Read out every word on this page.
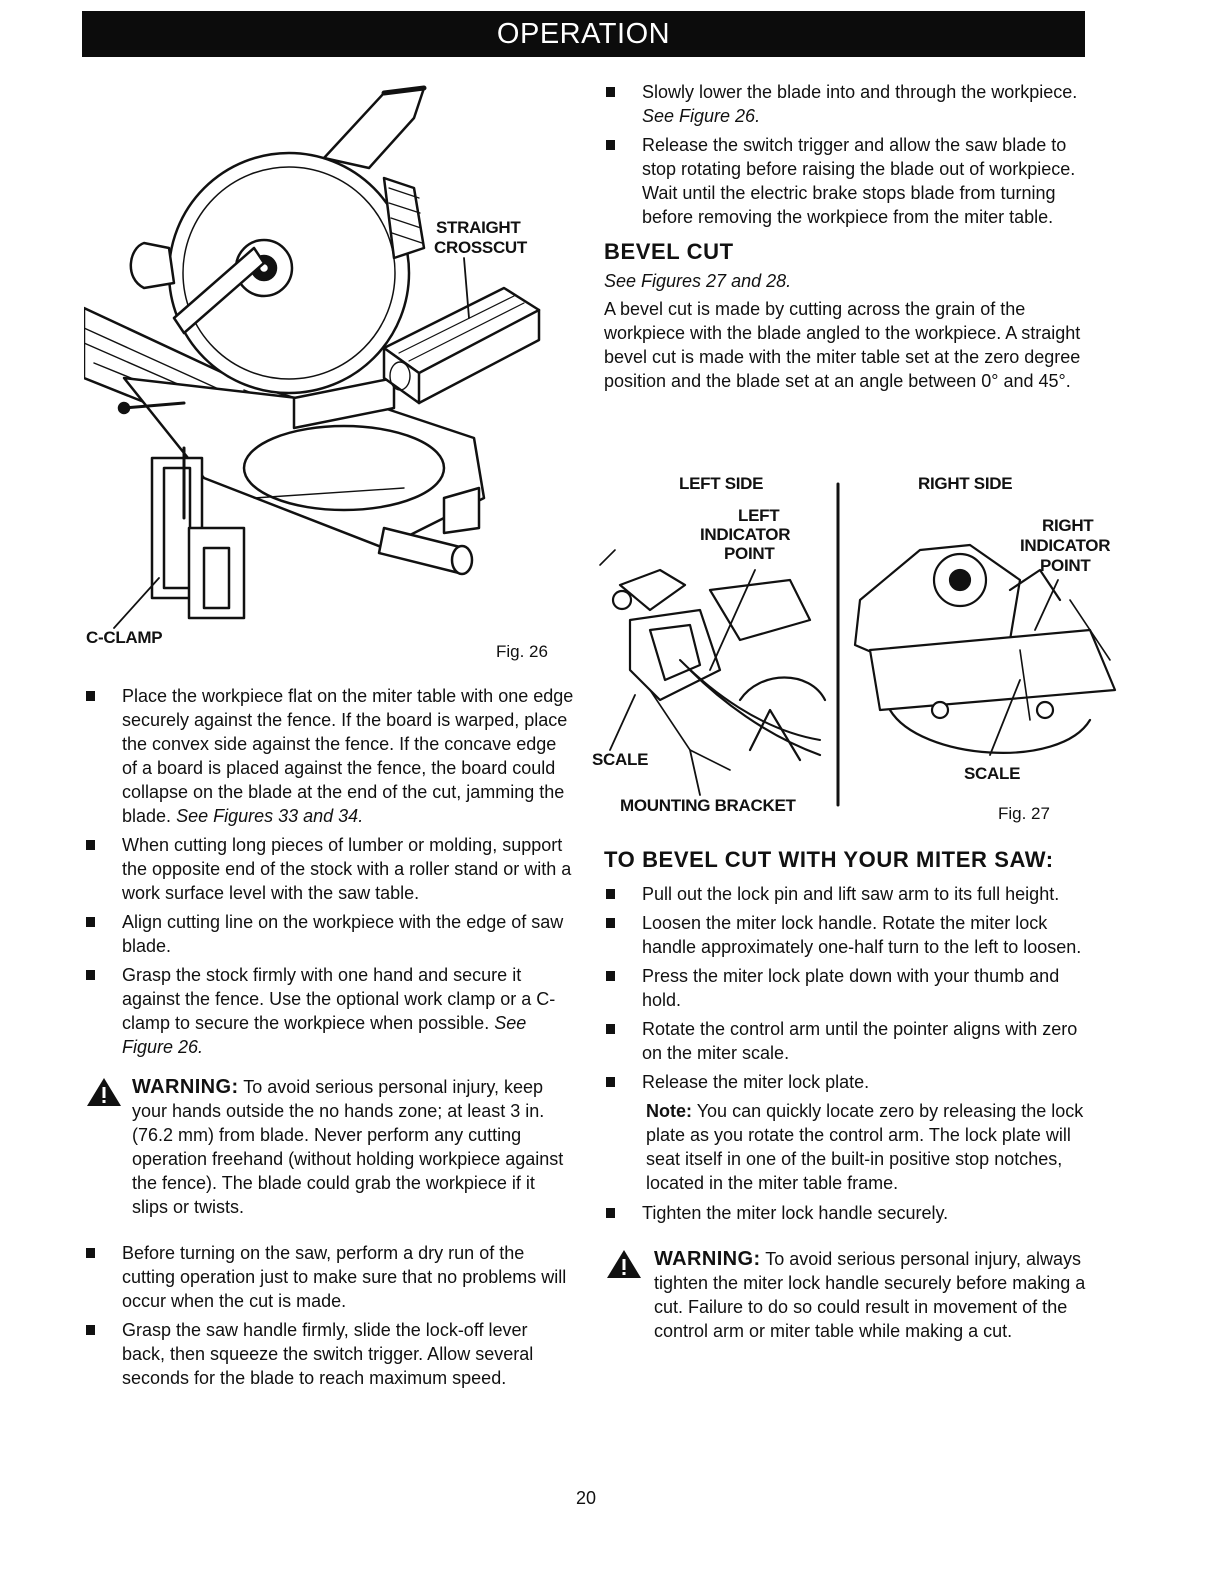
OPERATION
STRAIGHT
CROSSCUT
C-CLAMP
Fig. 26
Place the workpiece flat on the miter table with one edge securely against the fence. If the board is warped, place the convex side against the fence. If the concave edge of a board is placed against the fence, the board could collapse on the blade at the end of the cut, jamming the blade. See Figures 33 and 34.
When cutting long pieces of lumber or molding, support the opposite end of the stock with a roller stand or with a work surface level with the saw table.
Align cutting line on the workpiece with the edge of saw blade.
Grasp the stock firmly with one hand and secure it against the fence. Use the optional work clamp or a C-clamp to secure the workpiece when possible. See Figure 26.
WARNING: To avoid serious personal injury, keep your hands outside the no hands zone; at least 3 in. (76.2 mm) from blade. Never perform any cutting operation freehand (without holding workpiece against the fence). The blade could grab the workpiece if it slips or twists.
Before turning on the saw, perform a dry run of the cutting operation just to make sure that no problems will occur when the cut is made.
Grasp the saw handle firmly, slide the lock-off lever back, then squeeze the switch trigger. Allow several seconds for the blade to reach maximum speed.
Slowly lower the blade into and through the workpiece. See Figure 26.
Release the switch trigger and allow the saw blade to stop rotating before raising the blade out of workpiece. Wait until the electric brake stops blade from turning before removing the workpiece from the miter table.
BEVEL CUT

See Figures 27 and 28.

A bevel cut is made by cutting across the grain of the workpiece with the blade angled to the workpiece. A straight bevel cut is made with the miter table set at the zero degree position and the blade set at an angle between 0° and 45°.

LEFT SIDE	RIGHT SIDE
LEFT
INDICATOR
POINT
RIGHT
INDICATOR
POINT
SCALE
SCALE
MOUNTING BRACKET	Fig. 27
TO BEVEL CUT WITH YOUR MITER SAW:
Pull out the lock pin and lift saw arm to its full height.
Loosen the miter lock handle. Rotate the miter lock handle approximately one-half turn to the left to loosen.
Press the miter lock plate down with your thumb and hold.
Rotate the control arm until the pointer aligns with zero on the miter scale.
Release the miter lock plate.
Note: You can quickly locate zero by releasing the lock plate as you rotate the control arm. The lock plate will seat itself in one of the built-in positive stop notches, located in the miter table frame.
Tighten the miter lock handle securely.
WARNING: To avoid serious personal injury, always tighten the miter lock handle securely before making a cut. Failure to do so could result in movement of the control arm or miter table while making a cut.
20
